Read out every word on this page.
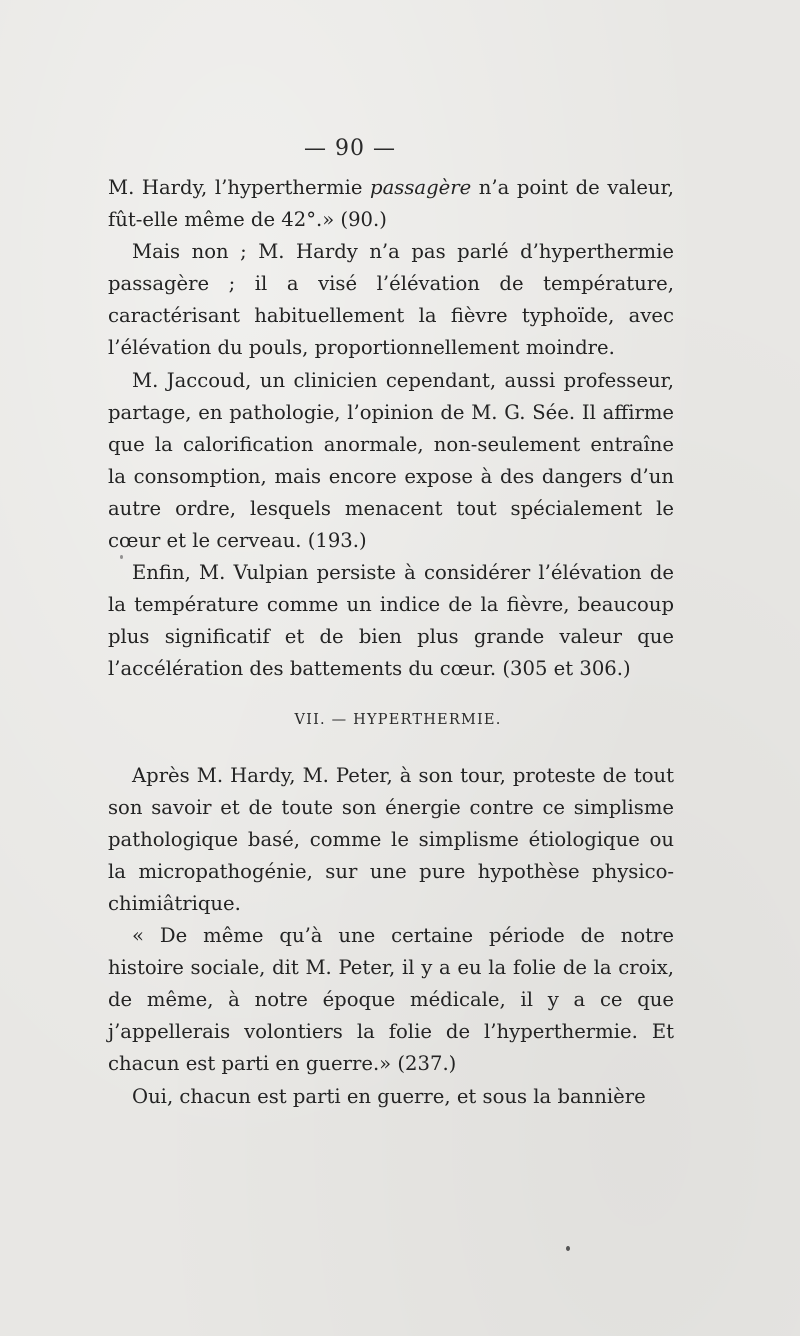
— 90 —

M. Hardy, l’hyperthermie passagère n’a point de valeur, fût-elle même de 42°.» (90.)

Mais non ; M. Hardy n’a pas parlé d’hyperthermie passagère ; il a visé l’élévation de température, caractérisant habituellement la fièvre typhoïde, avec l’élévation du pouls, proportionnellement moindre.

M. Jaccoud, un clinicien cependant, aussi professeur, partage, en pathologie, l’opinion de M. G. Sée. Il affirme que la calorification anormale, non-seulement entraîne la consomption, mais encore expose à des dangers d’un autre ordre, lesquels menacent tout spécialement le cœur et le cerveau. (193.)

Enfin, M. Vulpian persiste à considérer l’élévation de la température comme un indice de la fièvre, beaucoup plus significatif et de bien plus grande valeur que l’accélération des battements du cœur. (305 et 306.)

VII. — HYPERTHERMIE.

Après M. Hardy, M. Peter, à son tour, proteste de tout son savoir et de toute son énergie contre ce simplisme pathologique basé, comme le simplisme étiologique ou la micropathogénie, sur une pure hypothèse physico-chimiâtrique.

« De même qu’à une certaine période de notre histoire sociale, dit M. Peter, il y a eu la folie de la croix, de même, à notre époque médicale, il y a ce que j’appellerais volontiers la folie de l’hyperthermie. Et chacun est parti en guerre.» (237.)

Oui, chacun est parti en guerre, et sous la bannière
